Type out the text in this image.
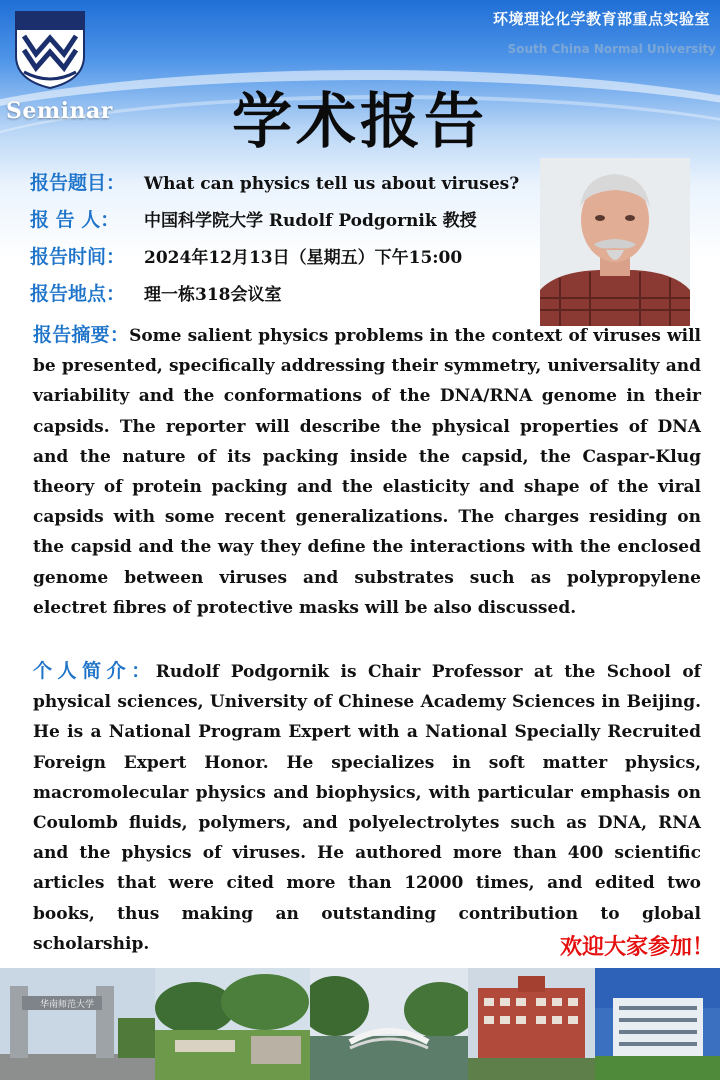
Seminar
环境理论化学教育部重点实验室
South China Normal University
学术报告
报告题目：	What can physics tell us about viruses?
报 告 人：	中国科学院大学 Rudolf Podgornik 教授
报告时间：	2024年12月13日（星期五）下午15:00
报告地点：	理一栋318会议室
报告摘要：Some salient physics problems in the context of viruses will be presented, specifically addressing their symmetry, universality and variability and the conformations of the DNA/RNA genome in their capsids. The reporter will describe the physical properties of DNA and the nature of its packing inside the capsid, the Caspar-Klug theory of protein packing and the elasticity and shape of the viral capsids with some recent generalizations. The charges residing on the capsid and the way they define the interactions with the enclosed genome between viruses and substrates such as polypropylene electret fibres of protective masks will be also discussed.
个人简介：Rudolf Podgornik is Chair Professor at the School of physical sciences, University of Chinese Academy Sciences in Beijing. He is a National Program Expert with a National Specially Recruited Foreign Expert Honor. He specializes in soft matter physics, macromolecular physics and biophysics, with particular emphasis on Coulomb fluids, polymers, and polyelectrolytes such as DNA, RNA and the physics of viruses. He authored more than 400 scientific articles that were cited more than 12000 times, and edited two books, thus making an outstanding contribution to global scholarship.	欢迎大家参加！
华南师范大学
